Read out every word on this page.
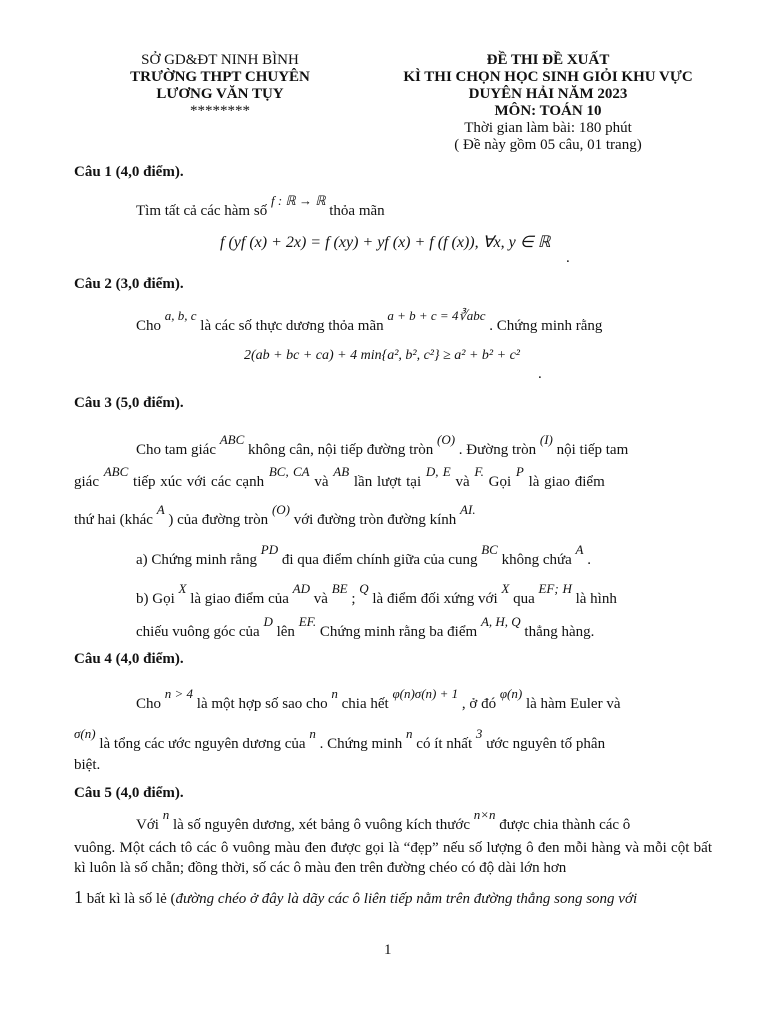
SỞ GD&ĐT NINH BÌNH
TRƯỜNG THPT CHUYÊN
LƯƠNG VĂN TỤY
********
ĐỀ THI ĐỀ XUẤT
KÌ THI CHỌN HỌC SINH GIỎI KHU VỰC
DUYÊN HẢI NĂM 2023
MÔN: TOÁN 10
Thời gian làm bài: 180 phút
( Đề này gồm 05 câu, 01 trang)
Câu 1 (4,0 điểm).
Tìm tất cả các hàm số f : ℝ → ℝ thỏa mãn
f (yf (x) + 2x) = f (xy) + yf (x) + f (f (x)), ∀x, y ∈ ℝ
.
Câu 2 (3,0 điểm).
Cho a, b, c là các số thực dương thỏa mãn a + b + c = 4∛abc . Chứng minh rằng
2(ab + bc + ca) + 4 min{a², b², c²} ≥ a² + b² + c²
.
Câu 3 (5,0 điểm).
Cho tam giác ABC không cân, nội tiếp đường tròn (O) . Đường tròn (I) nội tiếp tam
giác ABC tiếp xúc với các cạnh BC, CA và AB lần lượt tại D, E và F. Gọi P là giao điểm
thứ hai (khác A ) của đường tròn (O) với đường tròn đường kính AI.
a) Chứng minh rằng PD đi qua điểm chính giữa của cung BC không chứa A .
b) Gọi X là giao điểm của AD và BE ; Q là điểm đối xứng với X qua EF; H là hình
chiếu vuông góc của D lên EF. Chứng minh rằng ba điểm A, H, Q thẳng hàng.
Câu 4 (4,0 điểm).
Cho n > 4 là một hợp số sao cho n chia hết φ(n)σ(n) + 1 , ở đó φ(n) là hàm Euler và
σ(n) là tổng các ước nguyên dương của n . Chứng minh n có ít nhất 3 ước nguyên tố phân
biệt.
Câu 5 (4,0 điểm).
Với n là số nguyên dương, xét bảng ô vuông kích thước n×n được chia thành các ô
vuông. Một cách tô các ô vuông màu đen được gọi là “đẹp” nếu số lượng ô đen mỗi hàng và mỗi cột bất kì luôn là số chẵn; đồng thời, số các ô màu đen trên đường chéo có độ dài lớn hơn
1 bất kì là số lẻ (đường chéo ở đây là dãy các ô liên tiếp nằm trên đường thẳng song song với
1
